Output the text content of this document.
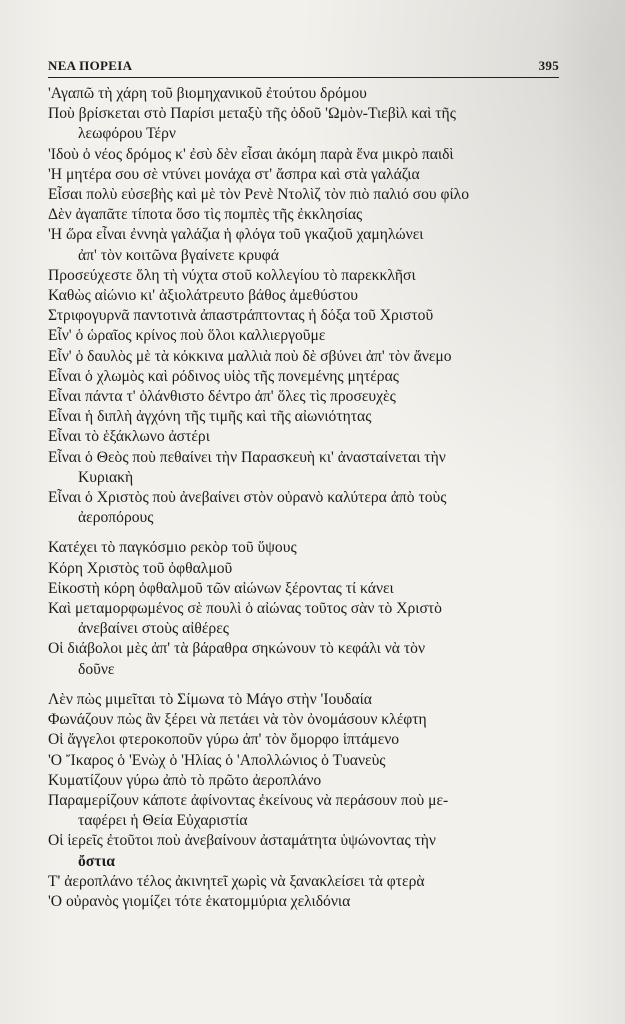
ΝΕΑ ΠΟΡΕΙΑ	395

'Αγαπῶ τὴ χάρη τοῦ βιομηχανικοῦ ἐτούτου δρόμου

Ποὺ βρίσκεται στὸ Παρίσι μεταξὺ τῆς ὁδοῦ 'Ωμὸν-Τιεβὶλ καὶ τῆς

λεωφόρου Τέρν

'Ιδοὺ ὁ νέος δρόμος κ' ἐσὺ δὲν εἶσαι ἀκόμη παρὰ ἕνα μικρὸ παιδὶ

'Η μητέρα σου σὲ ντύνει μονάχα στ' ἄσπρα καὶ στὰ γαλάζια

Εἶσαι πολὺ εὐσεβὴς καὶ μὲ τὸν Ρενὲ Ντολὶζ τὸν πιὸ παλιό σου φίλο

Δὲν ἀγαπᾶτε τίποτα ὅσο τὶς πομπὲς τῆς ἐκκλησίας

'Η ὥρα εἶναι ἐννηὰ γαλάζια ἡ φλόγα τοῦ γκαζιοῦ χαμηλώνει

ἀπ' τὸν κοιτῶνα βγαίνετε κρυφά

Προσεύχεστε ὅλη τὴ νύχτα στοῦ κολλεγίου τὸ παρεκκλῆσι

Καθὼς αἰώνιο κι' ἀξιολάτρευτο βάθος ἀμεθύστου

Στριφογυρνᾶ παντοτινὰ ἀπαστράπτοντας ἡ δόξα τοῦ Χριστοῦ

Εἶν' ὁ ὡραῖος κρίνος ποὺ ὅλοι καλλιεργοῦμε

Εἶν' ὁ δαυλὸς μὲ τὰ κόκκινα μαλλιὰ ποὺ δὲ σβύνει ἀπ' τὸν ἄνεμο

Εἶναι ὁ χλωμὸς καὶ ρόδινος υἱὸς τῆς πονεμένης μητέρας

Εἶναι πάντα τ' ὁλάνθιστο δέντρο ἀπ' ὅλες τὶς προσευχὲς

Εἶναι ἡ διπλὴ ἀγχόνη τῆς τιμῆς καὶ τῆς αἰωνιότητας

Εἶναι τὸ ἑξάκλωνο ἀστέρι

Εἶναι ὁ Θεὸς ποὺ πεθαίνει τὴν Παρασκευὴ κι' ἀνασταίνεται τὴν

Κυριακὴ

Εἶναι ὁ Χριστὸς ποὺ ἀνεβαίνει στὸν οὐρανὸ καλύτερα ἀπὸ τοὺς

ἀεροπόρους

Κατέχει τὸ παγκόσμιο ρεκὸρ τοῦ ὕψους

Κόρη Χριστὸς τοῦ ὀφθαλμοῦ

Εἰκοστὴ κόρη ὀφθαλμοῦ τῶν αἰώνων ξέροντας τί κάνει

Καὶ μεταμορφωμένος σὲ πουλὶ ὁ αἰώνας τοῦτος σὰν τὸ Χριστὸ

ἀνεβαίνει στοὺς αἰθέρες

Οἱ διάβολοι μὲς ἀπ' τὰ βάραθρα σηκώνουν τὸ κεφάλι νὰ τὸν

δοῦνε

Λὲν πὼς μιμεῖται τὸ Σίμωνα τὸ Μάγο στὴν 'Ιουδαία

Φωνάζουν πὼς ἂν ξέρει νὰ πετάει νὰ τὸν ὀνομάσουν κλέφτη

Οἱ ἄγγελοι φτεροκοποῦν γύρω ἀπ' τὸν ὄμορφο ἱπτάμενο

'Ο Ἴκαρος ὁ 'Ενὼχ ὁ 'Ηλίας ὁ 'Απολλώνιος ὁ Τυανεὺς

Κυματίζουν γύρω ἀπὸ τὸ πρῶτο ἀεροπλάνο

Παραμερίζουν κάποτε ἀφίνοντας ἐκείνους νὰ περάσουν ποὺ με-

ταφέρει ἡ Θεία Εὐχαριστία

Οἱ ἱερεῖς ἐτοῦτοι ποὺ ἀνεβαίνουν ἀσταμάτητα ὑψώνοντας τὴν

ὄστια

Τ' ἀεροπλάνο τέλος ἀκινητεῖ χωρὶς νὰ ξανακλείσει τὰ φτερὰ

'Ο οὐρανὸς γιομίζει τότε ἑκατομμύρια χελιδόνια
